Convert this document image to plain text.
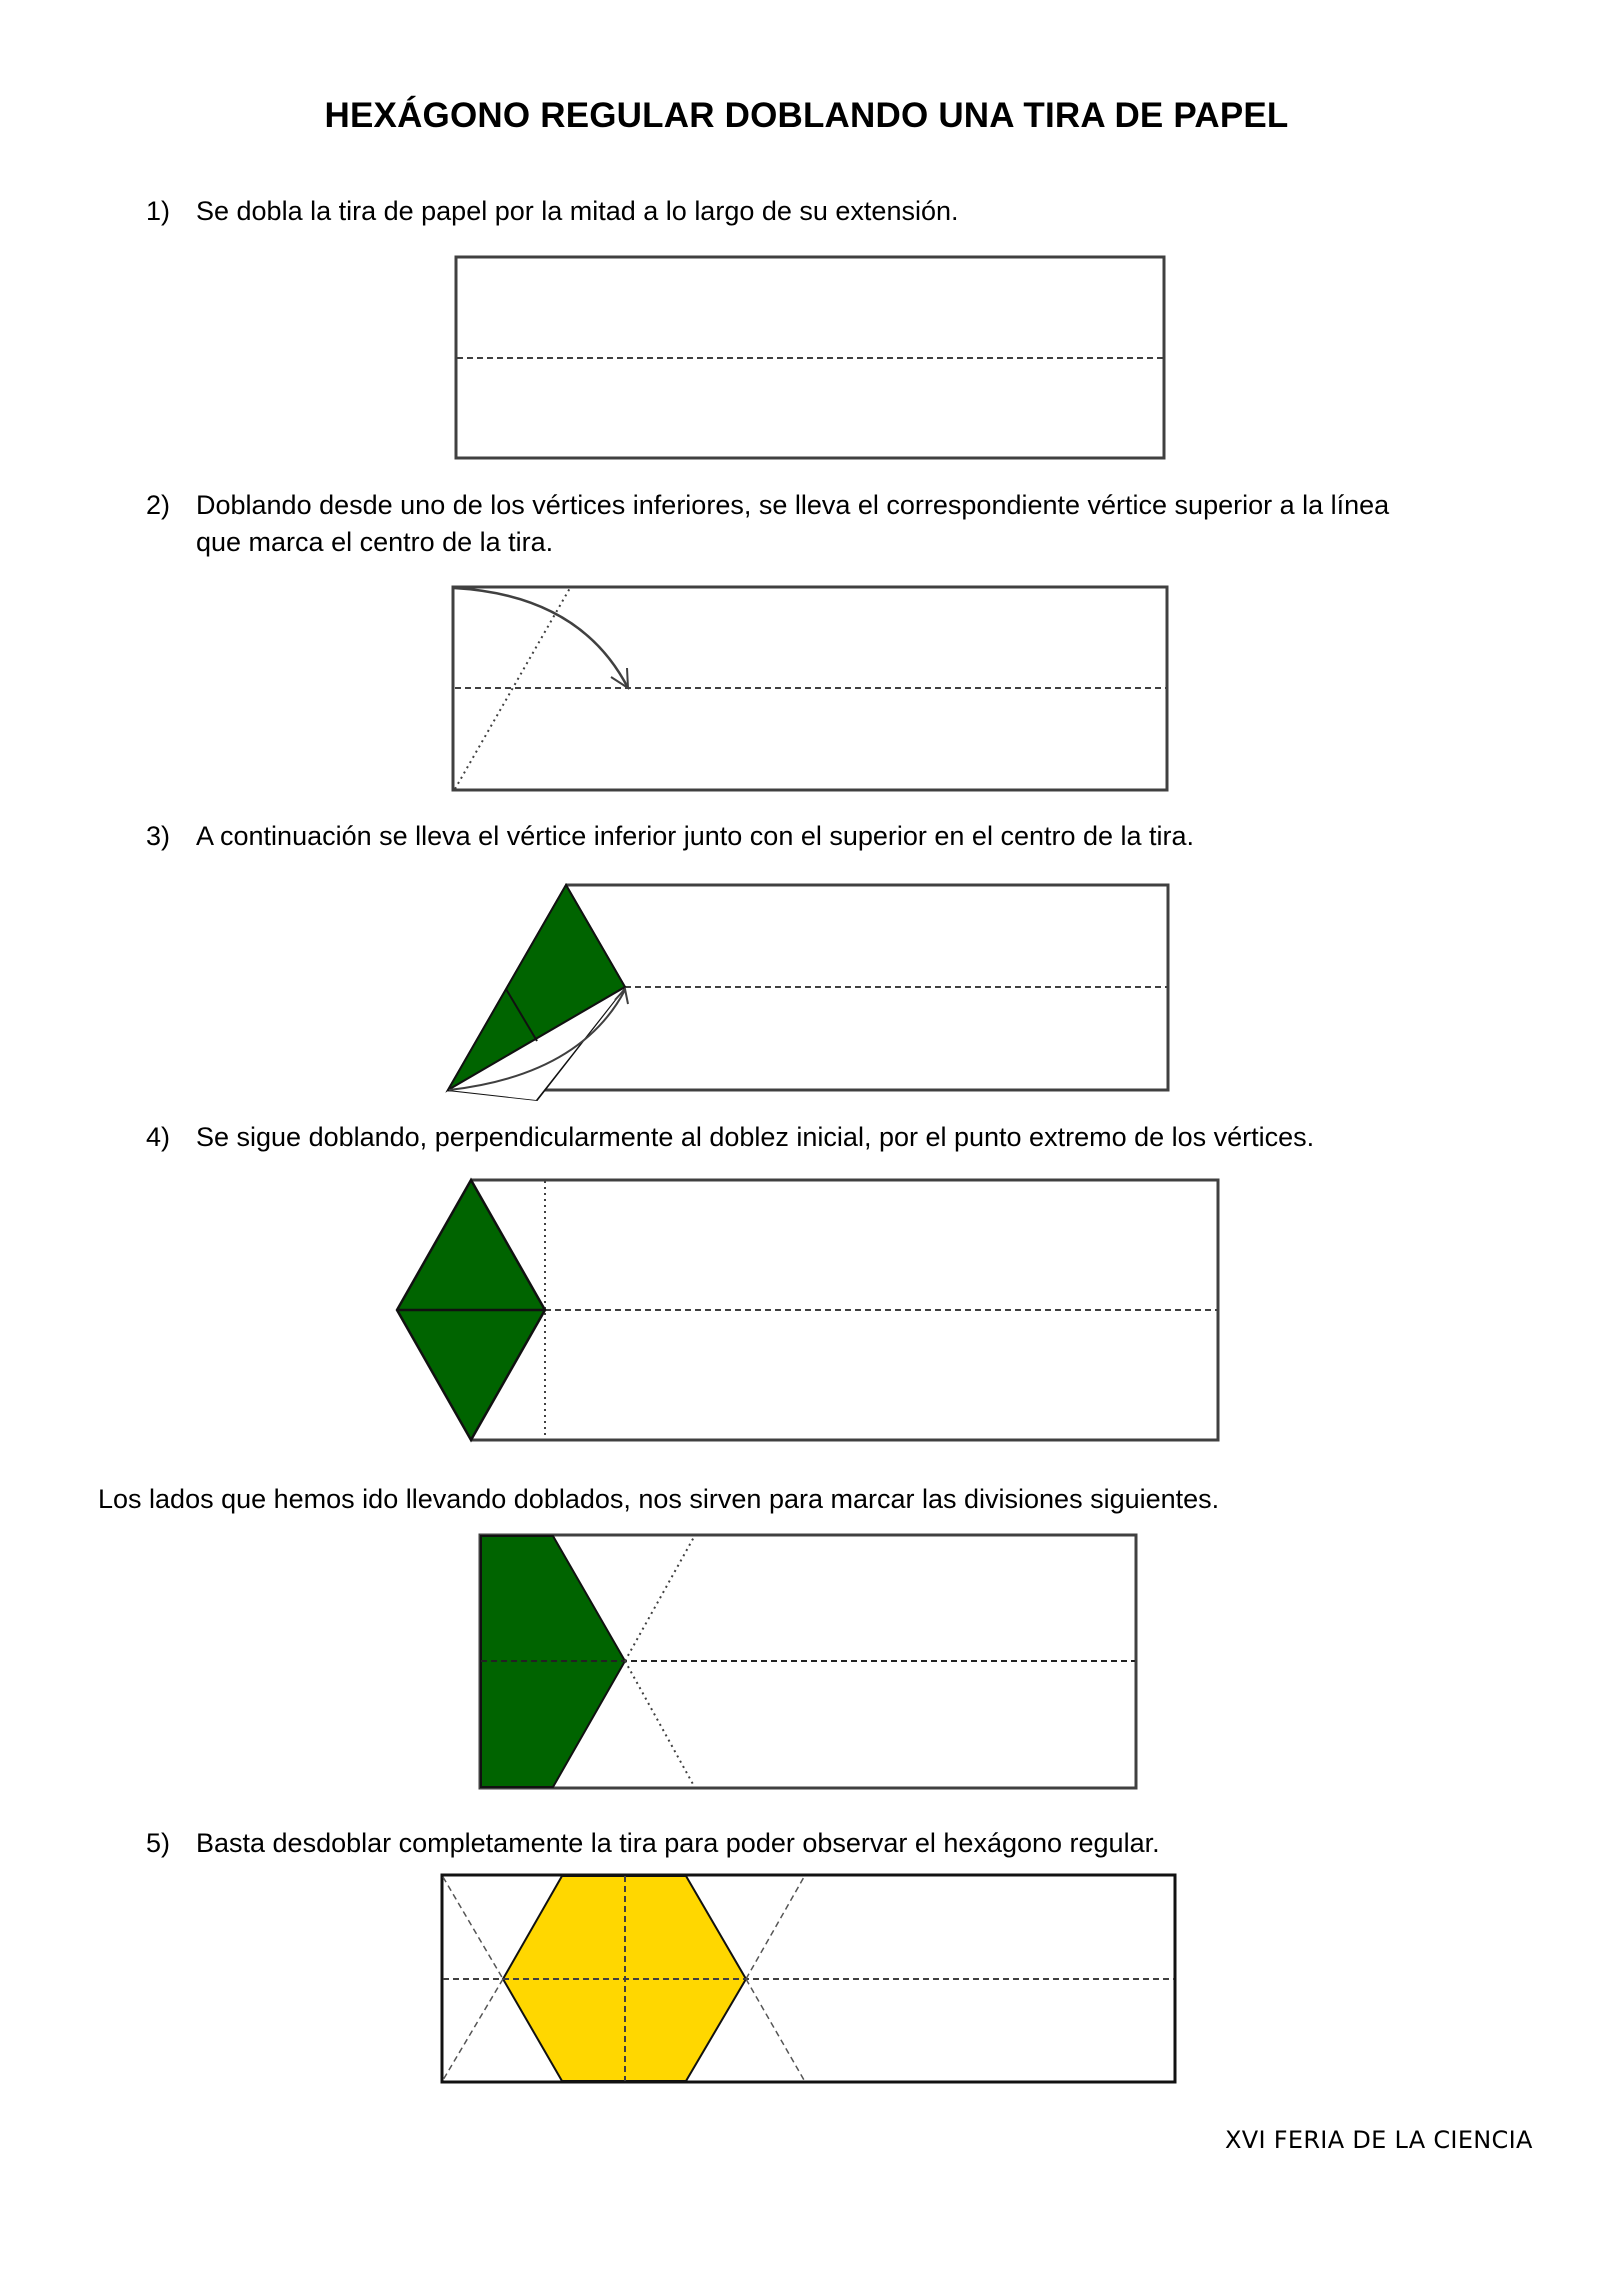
HEXÁGONO REGULAR DOBLANDO UNA TIRA DE PAPEL
1) Se dobla la tira de papel por la mitad a lo largo de su extensión.
2) Doblando desde uno de los vértices inferiores, se lleva el correspondiente vértice superior a la línea
que marca el centro de la tira.
3) A continuación se lleva el vértice inferior junto con el superior en el centro de la tira.
4) Se sigue doblando, perpendicularmente al doblez inicial, por el punto extremo de los vértices.
Los lados que hemos ido llevando doblados, nos sirven para marcar las divisiones siguientes.
5) Basta desdoblar completamente la tira para poder observar el hexágono regular.
XVI FERIA DE LA CIENCIA
